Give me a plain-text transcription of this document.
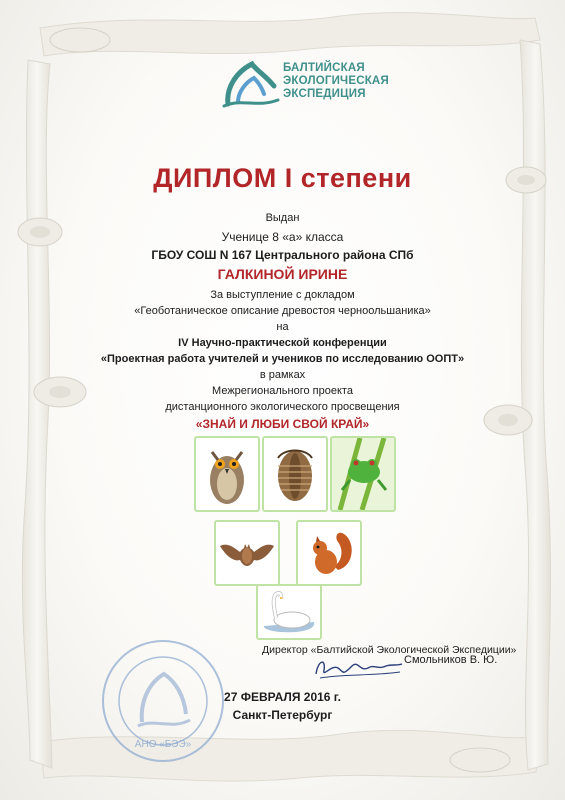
БАЛТИЙСКАЯ
ЭКОЛОГИЧЕСКАЯ
ЭКСПЕДИЦИЯ
ДИПЛОМ I степени
Выдан
Ученице 8 «а» класса
ГБОУ СОШ N 167 Центрального района СПб
ГАЛКИНОЙ ИРИНЕ
За выступление с докладом
«Геоботаническое описание древостоя черноольшаника»
на
IV Научно-практической конференции
«Проектная работа учителей и учеников по исследованию ООПТ»
в рамках
Межрегионального проекта
дистанционного экологического просвещения
«ЗНАЙ И ЛЮБИ СВОЙ КРАЙ»
АНО «БЭЭ»
Директор «Балтийской Экологической Экспедиции»
Смольников В. Ю.
27 ФЕВРАЛЯ 2016 г.
Санкт-Петербург
